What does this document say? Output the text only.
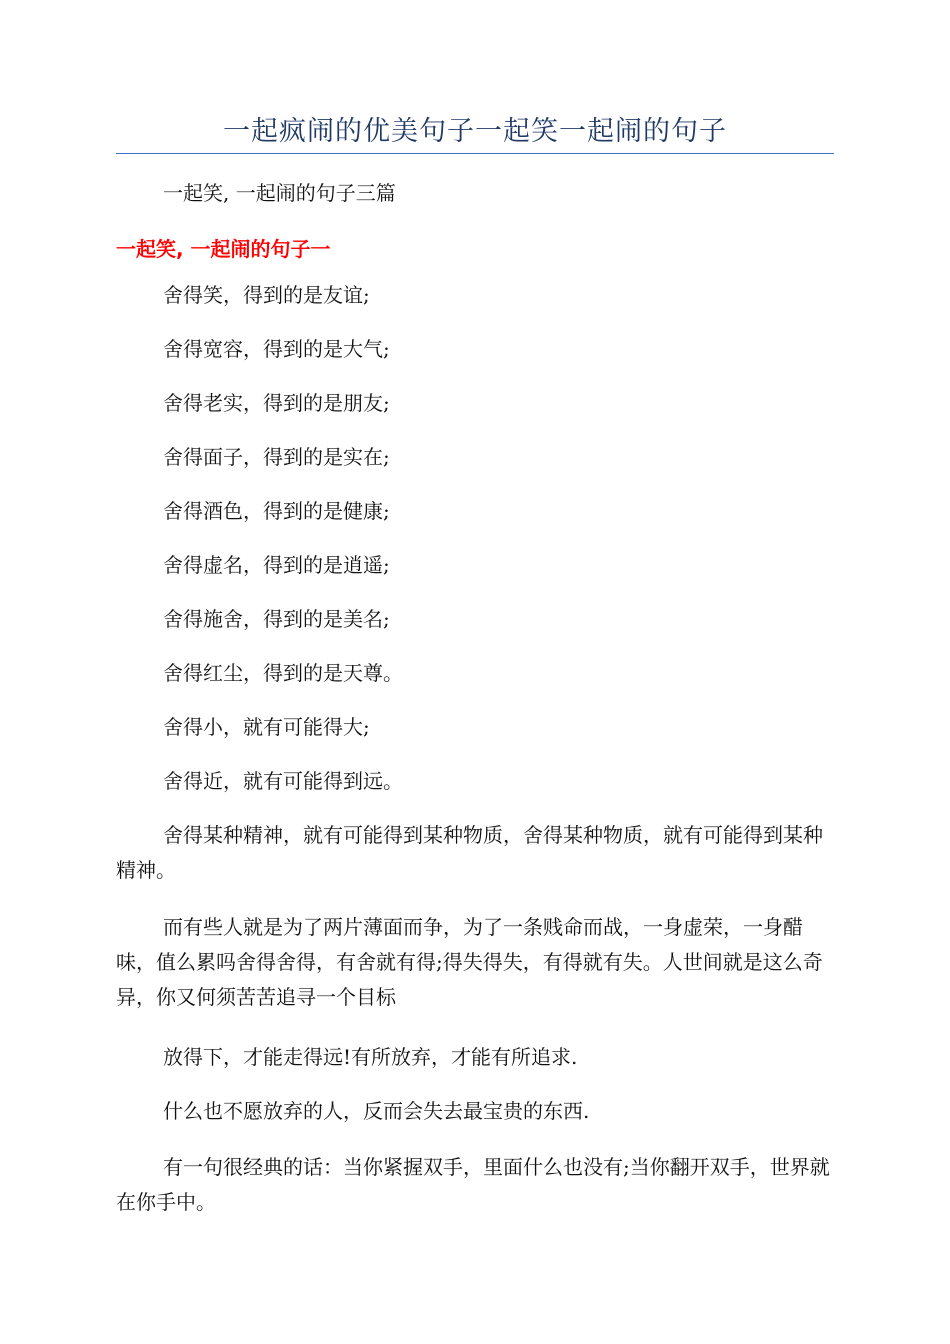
一起疯闹的优美句子一起笑一起闹的句子

一起笑, 一起闹的句子三篇

一起笑, 一起闹的句子一

舍得笑，得到的是友谊;

舍得宽容，得到的是大气;

舍得老实，得到的是朋友;

舍得面子，得到的是实在;

舍得酒色，得到的是健康;

舍得虚名，得到的是逍遥;

舍得施舍，得到的是美名;

舍得红尘，得到的是天尊。

舍得小，就有可能得大;

舍得近，就有可能得到远。

舍得某种精神，就有可能得到某种物质，舍得某种物质，就有可能得到某种精神。

而有些人就是为了两片薄面而争，为了一条贱命而战，一身虚荣，一身醋味，值么累吗舍得舍得，有舍就有得;得失得失，有得就有失。人世间就是这么奇异，你又何须苦苦追寻一个目标

放得下，才能走得远!有所放弃，才能有所追求.

什么也不愿放弃的人，反而会失去最宝贵的东西.

有一句很经典的话：当你紧握双手，里面什么也没有;当你翻开双手，世界就在你手中。
